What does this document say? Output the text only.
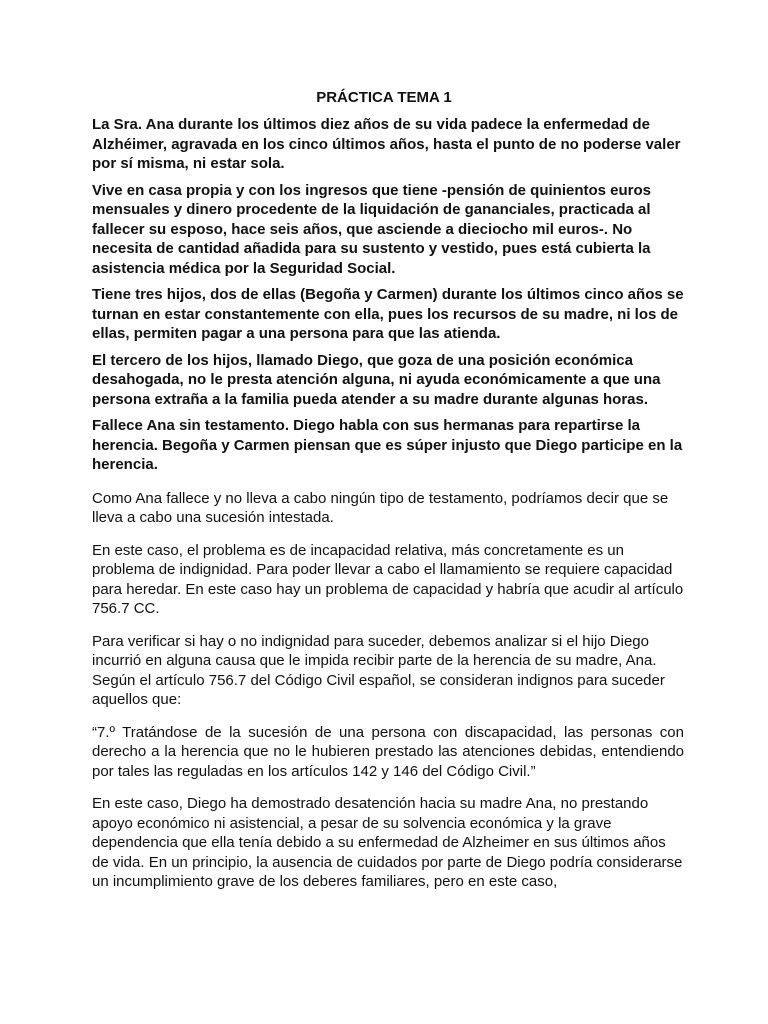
PRÁCTICA TEMA 1

La Sra. Ana durante los últimos diez años de su vida padece la enfermedad de Alzhéimer, agravada en los cinco últimos años, hasta el punto de no poderse valer por sí misma, ni estar sola.

Vive en casa propia y con los ingresos que tiene -pensión de quinientos euros mensuales y dinero procedente de la liquidación de gananciales, practicada al fallecer su esposo, hace seis años, que asciende a dieciocho mil euros-. No necesita de cantidad añadida para su sustento y vestido, pues está cubierta la asistencia médica por la Seguridad Social.

Tiene tres hijos, dos de ellas (Begoña y Carmen) durante los últimos cinco años se turnan en estar constantemente con ella, pues los recursos de su madre, ni los de ellas, permiten pagar a una persona para que las atienda.

El tercero de los hijos, llamado Diego, que goza de una posición económica desahogada, no le presta atención alguna, ni ayuda económicamente a que una persona extraña a la familia pueda atender a su madre durante algunas horas.

Fallece Ana sin testamento. Diego habla con sus hermanas para repartirse la herencia. Begoña y Carmen piensan que es súper injusto que Diego participe en la herencia.

Como Ana fallece y no lleva a cabo ningún tipo de testamento, podríamos decir que se lleva a cabo una sucesión intestada.

En este caso, el problema es de incapacidad relativa, más concretamente es un problema de indignidad. Para poder llevar a cabo el llamamiento se requiere capacidad para heredar. En este caso hay un problema de capacidad y habría que acudir al artículo 756.7 CC.

Para verificar si hay o no indignidad para suceder, debemos analizar si el hijo Diego incurrió en alguna causa que le impida recibir parte de la herencia de su madre, Ana. Según el artículo 756.7 del Código Civil español, se consideran indignos para suceder aquellos que:

“7.º Tratándose de la sucesión de una persona con discapacidad, las personas con derecho a la herencia que no le hubieren prestado las atenciones debidas, entendiendo por tales las reguladas en los artículos 142 y 146 del Código Civil.”

En este caso, Diego ha demostrado desatención hacia su madre Ana, no prestando apoyo económico ni asistencial, a pesar de su solvencia económica y la grave dependencia que ella tenía debido a su enfermedad de Alzheimer en sus últimos años de vida. En un principio, la ausencia de cuidados por parte de Diego podría considerarse un incumplimiento grave de los deberes familiares, pero en este caso,
